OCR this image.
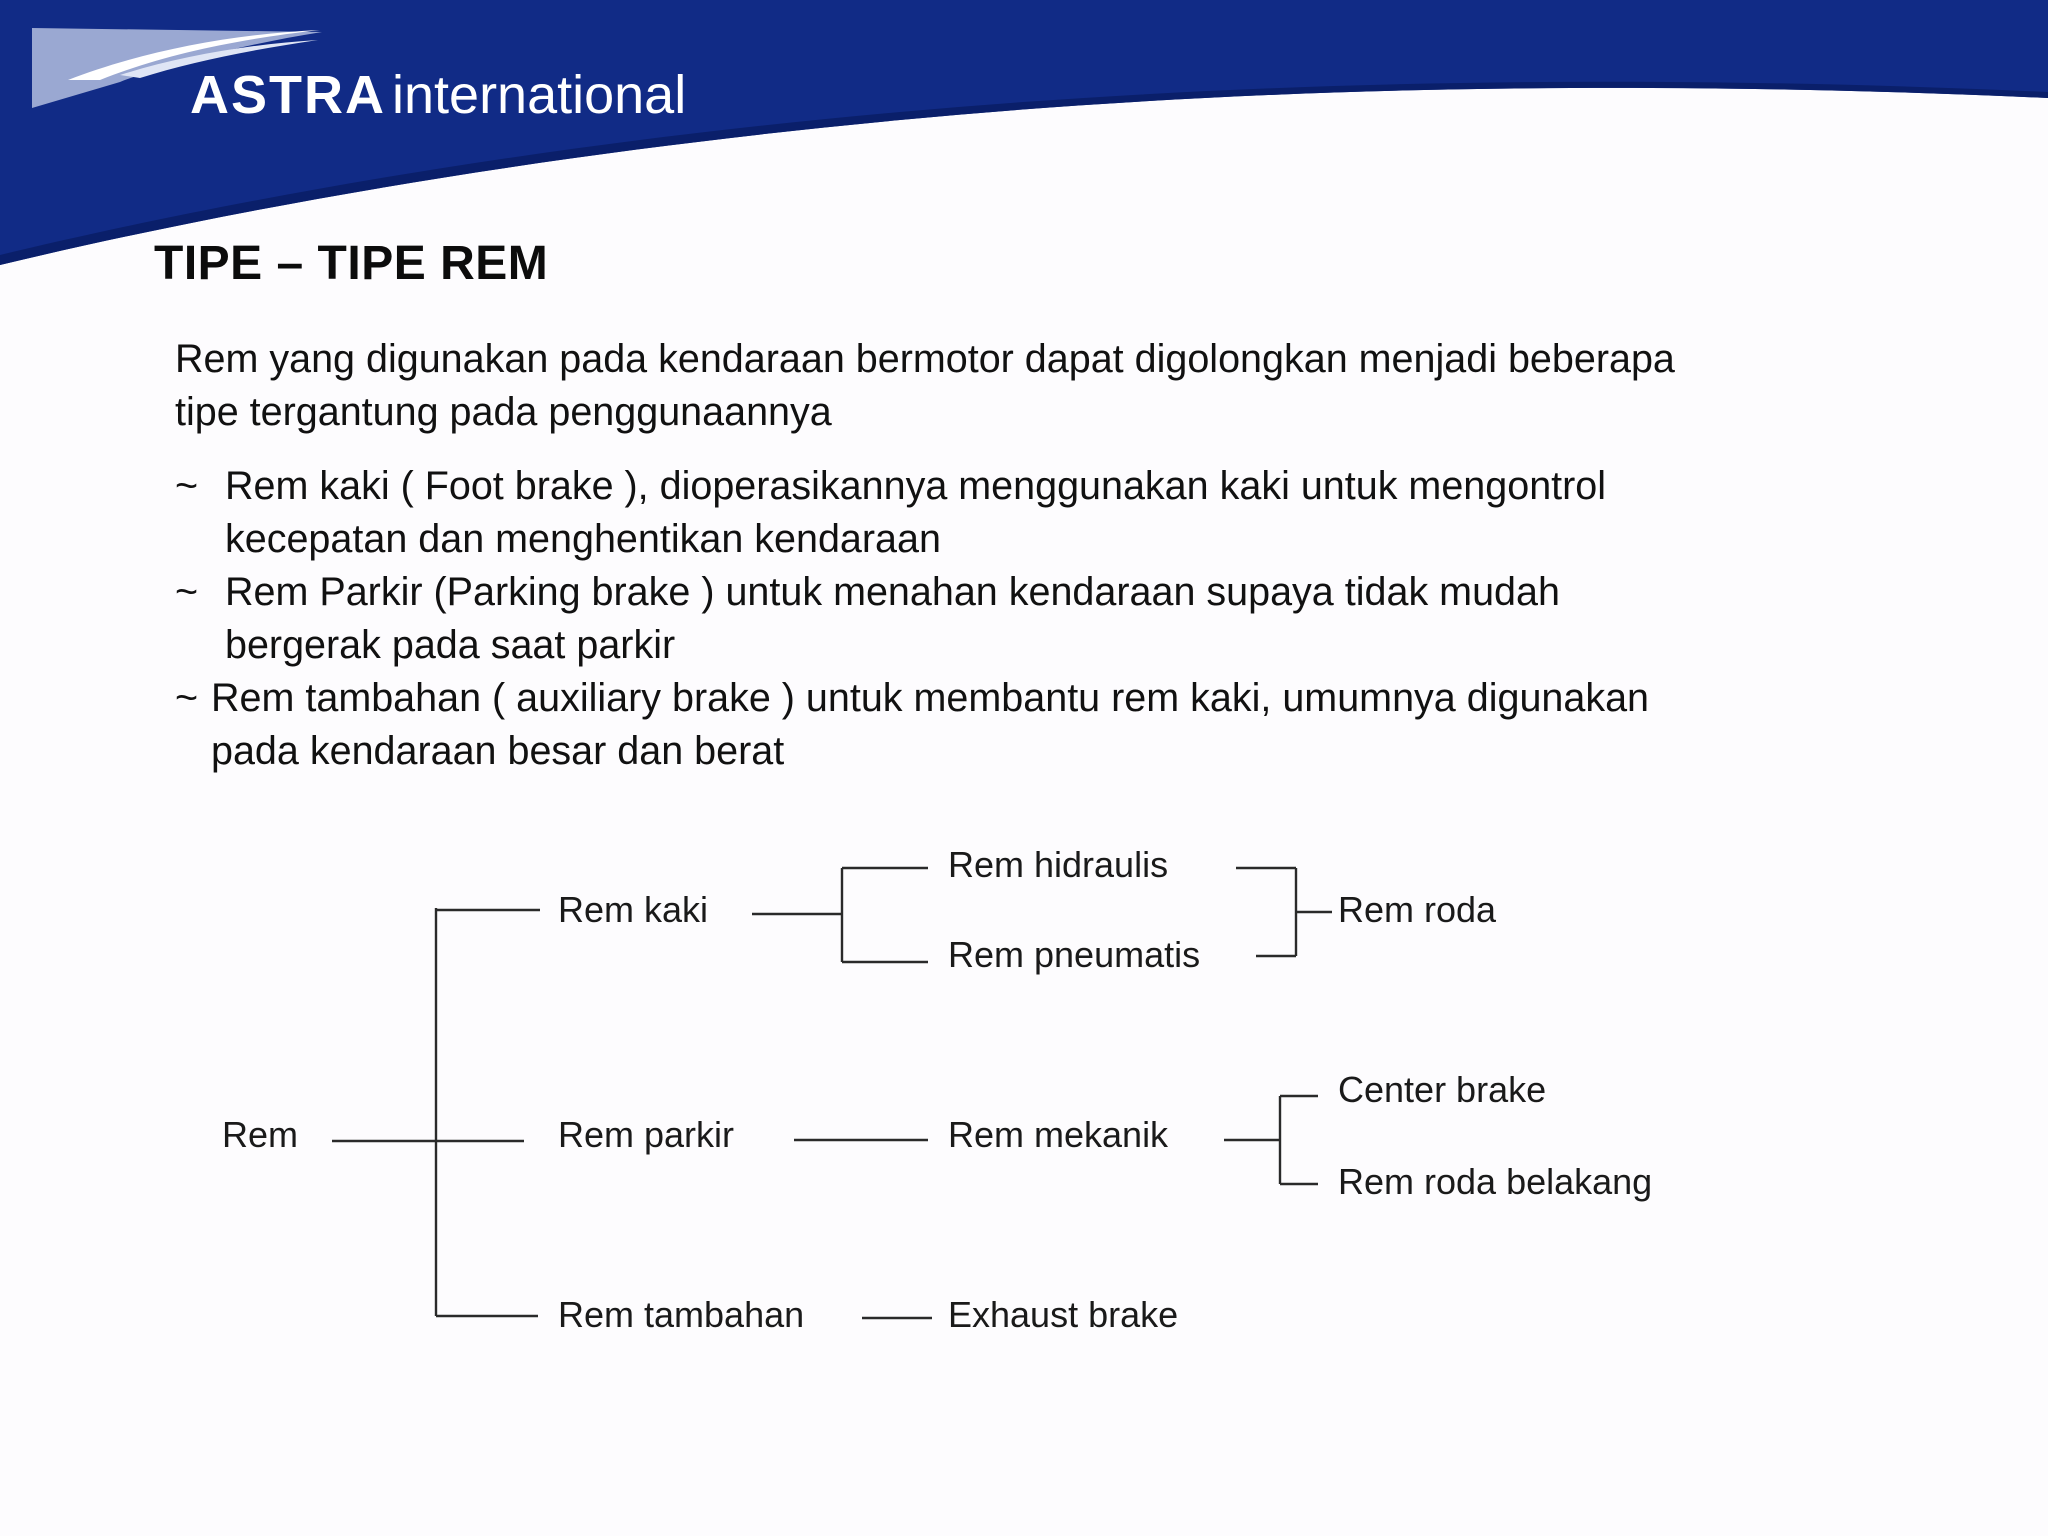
ASTRA international
TIPE – TIPE REM

Rem yang digunakan pada kendaraan bermotor dapat digolongkan menjadi beberapa

tipe tergantung pada penggunaannya

~ Rem kaki ( Foot brake ), dioperasikannya menggunakan kaki untuk mengontrol
kecepatan dan menghentikan kendaraan
~ Rem Parkir (Parking brake ) untuk menahan kendaraan supaya tidak mudah
bergerak pada saat parkir
~ Rem tambahan ( auxiliary brake ) untuk membantu rem kaki, umumnya digunakan
pada kendaraan besar dan berat
Rem
Rem kaki
Rem hidraulis
Rem pneumatis
Rem roda
Rem parkir	Rem mekanik
Center brake
Rem roda belakang
Rem tambahan	Exhaust brake
